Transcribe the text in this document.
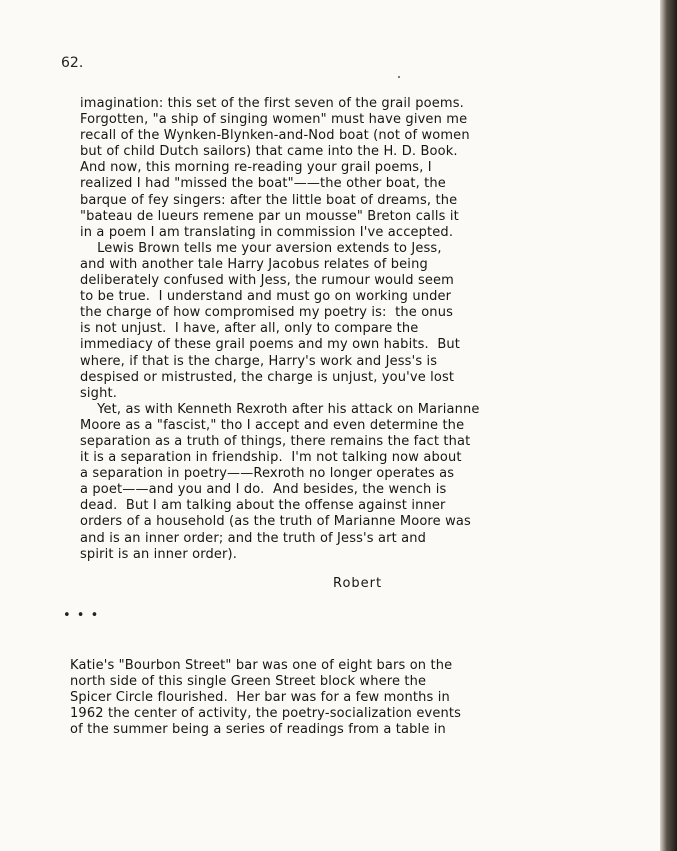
62.
imagination: this set of the first seven of the grail poems.
Forgotten, "a ship of singing women" must have given me
recall of the Wynken-Blynken-and-Nod boat (not of women
but of child Dutch sailors) that came into the H. D. Book.
And now, this morning re-reading your grail poems, I
realized I had "missed the boat"——the other boat, the
barque of fey singers: after the little boat of dreams, the
"bateau de lueurs remene par un mousse" Breton calls it
in a poem I am translating in commission I've accepted.
Lewis Brown tells me your aversion extends to Jess,
and with another tale Harry Jacobus relates of being
deliberately confused with Jess, the rumour would seem
to be true.  I understand and must go on working under
the charge of how compromised my poetry is:  the onus
is not unjust.  I have, after all, only to compare the
immediacy of these grail poems and my own habits.  But
where, if that is the charge, Harry's work and Jess's is
despised or mistrusted, the charge is unjust, you've lost
sight.
Yet, as with Kenneth Rexroth after his attack on Marianne
Moore as a "fascist," tho I accept and even determine the
separation as a truth of things, there remains the fact that
it is a separation in friendship.  I'm not talking now about
a separation in poetry——Rexroth no longer operates as
a poet——and you and I do.  And besides, the wench is
dead.  But I am talking about the offense against inner
orders of a household (as the truth of Marianne Moore was
and is an inner order; and the truth of Jess's art and
spirit is an inner order).
Robert
• • •
Katie's "Bourbon Street" bar was one of eight bars on the
north side of this single Green Street block where the
Spicer Circle flourished.  Her bar was for a few months in
1962 the center of activity, the poetry-socialization events
of the summer being a series of readings from a table in
